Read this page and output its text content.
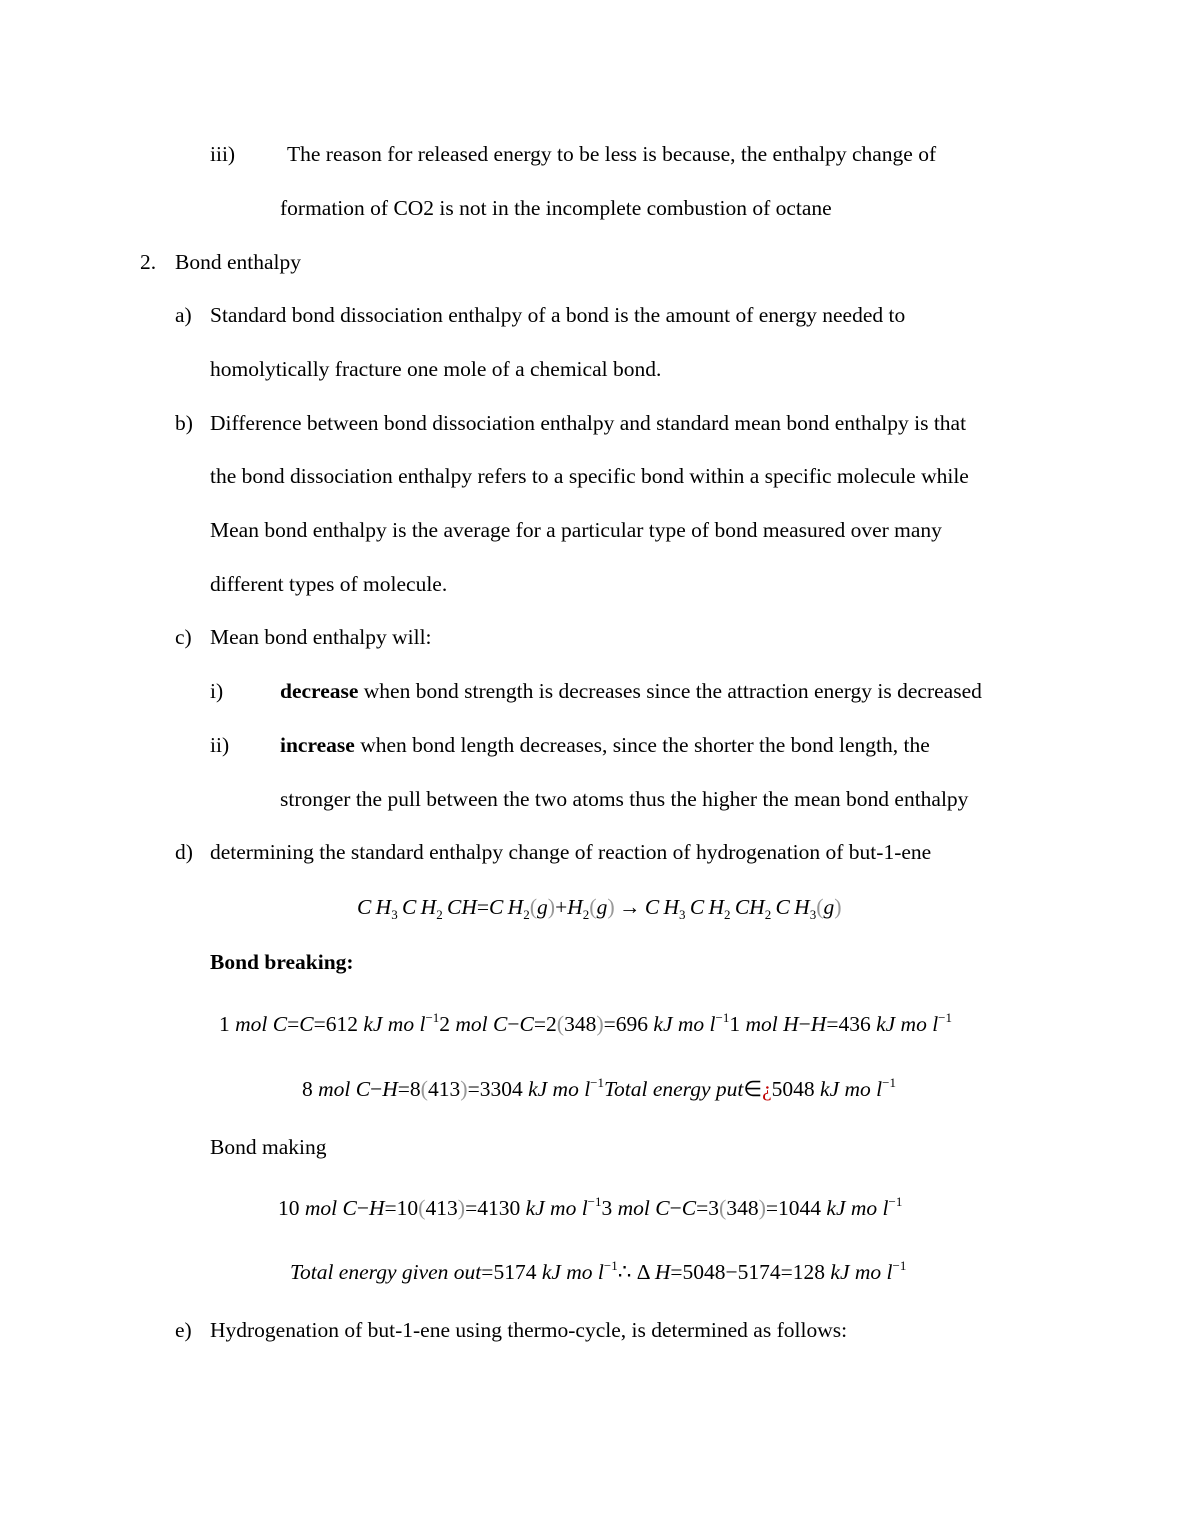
iii) The reason for released energy to be less is because, the enthalpy change of
formation of CO2 is not in the incomplete combustion of octane
2. Bond enthalpy
a) Standard bond dissociation enthalpy of a bond is the amount of energy needed to
homolytically fracture one mole of a chemical bond.
b) Difference between bond dissociation enthalpy and standard mean bond enthalpy is that
the bond dissociation enthalpy refers to a specific bond within a specific molecule while
Mean bond enthalpy is the average for a particular type of bond measured over many
different types of molecule.
c) Mean bond enthalpy will:
i)	decrease when bond strength is decreases since the attraction energy is decreased
ii) increase when bond length decreases, since the shorter the bond length, the
stronger the pull between the two atoms thus the higher the mean bond enthalpy
d) determining the standard enthalpy change of reaction of hydrogenation of but-1-ene
C  $H_3$  C  $H_2$  CH=C  $H_2(g)+H_2(g) \to C$  $H_3$  C  $H_2$  $CH_2$  C  $H_3(g)$
Bond breaking:
1 mol C=C=612 kJ mo $l^{-1}2$ mol C−C=2(348)=696 kJ mo $l^{-1}1$ mol H−H=436 kJ mo $l^{-1}$
8 mol C−H=8(413)=3304 kJ mo $l^{-1}Total$ energy put∈¿5048 kJ mo $l^{-1}$
Bond making
10 mol C−H=10(413)=4130 kJ mo $l^{-1}3$ mol C−C=3(348)=1044 kJ mo $l^{-1}$
Total energy given out=5174 kJ mo $l^{-1}\therefore$ Δ H=5048−5174=128 kJ mo $l^{-1}$
e) Hydrogenation of but-1-ene using thermo-cycle, is determined as follows:
